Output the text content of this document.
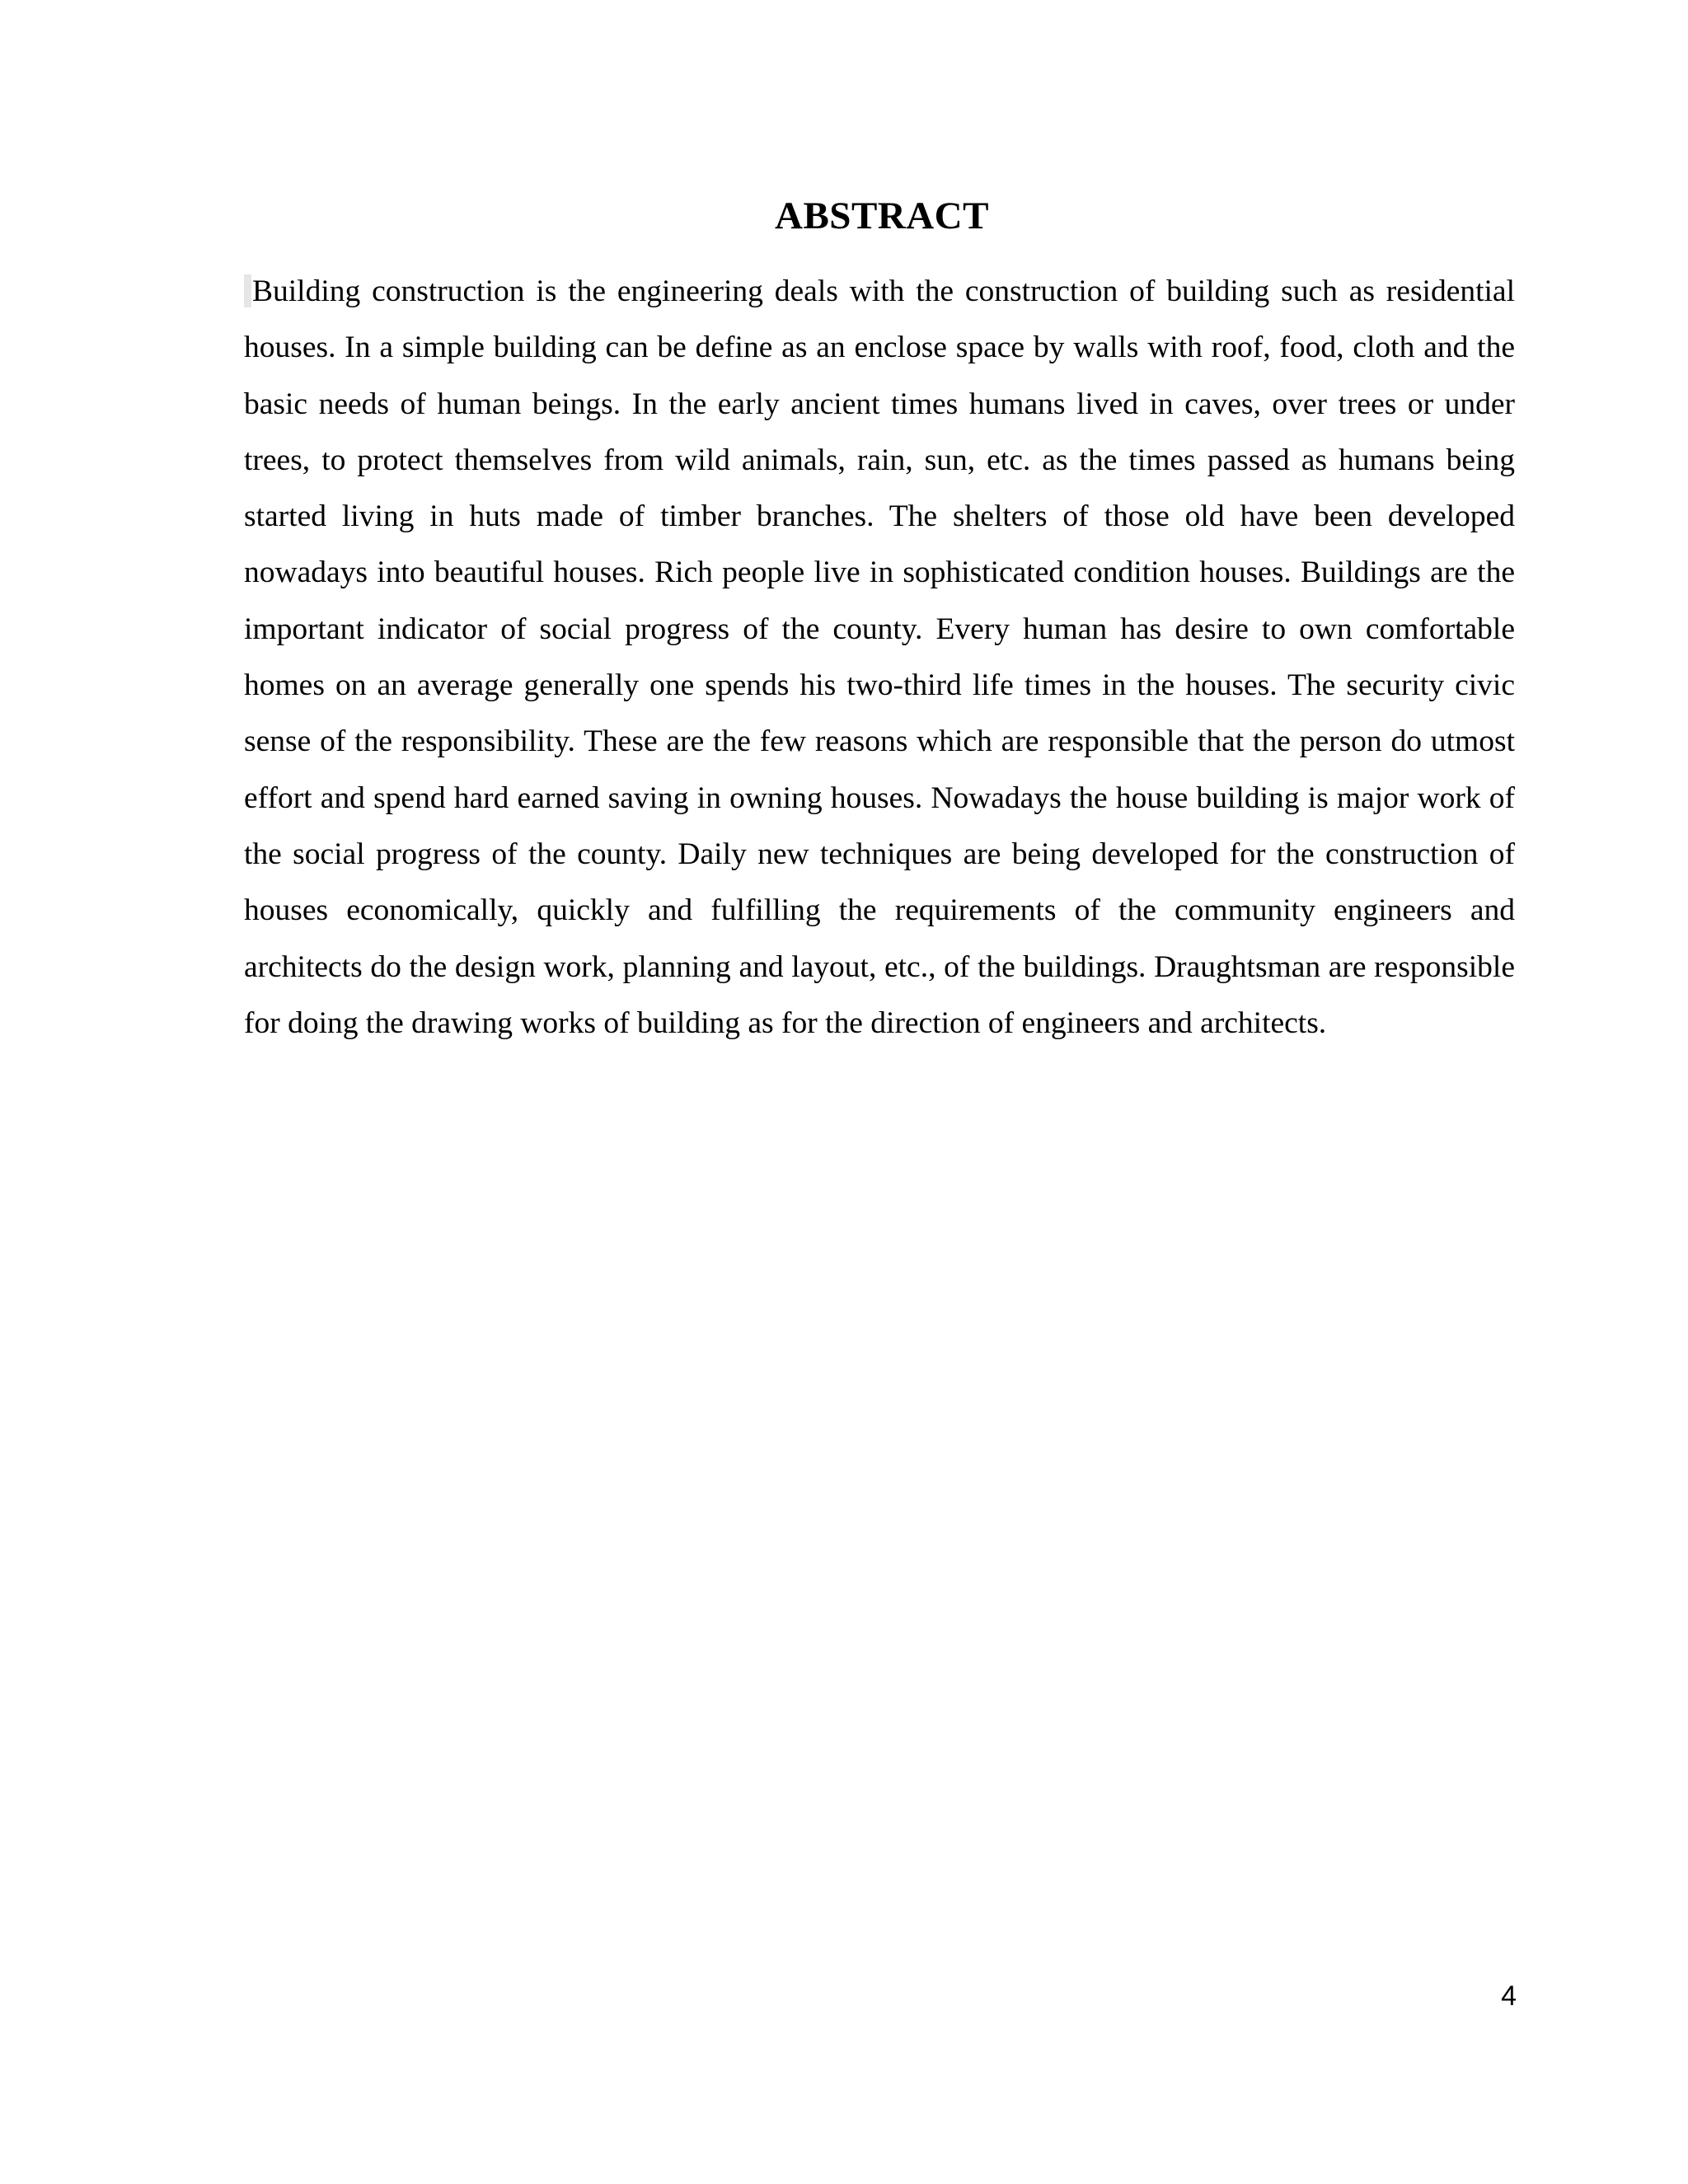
ABSTRACT

Building construction is the engineering deals with the construction of building such as residential houses. In a simple building can be define as an enclose space by walls with roof, food, cloth and the basic needs of human beings. In the early ancient times humans lived in caves, over trees or under trees, to protect themselves from wild animals, rain, sun, etc. as the times passed as humans being started living in huts made of timber branches. The shelters of those old have been developed nowadays into beautiful houses. Rich people live in sophisticated condition houses. Buildings are the important indicator of social progress of the county. Every human has desire to own comfortable homes on an average generally one spends his two-third life times in the houses. The security civic sense of the responsibility. These are the few reasons which are responsible that the person do utmost effort and spend hard earned saving in owning houses. Nowadays the house building is major work of the social progress of the county. Daily new techniques are being developed for the construction of houses economically, quickly and fulfilling the requirements of the community engineers and architects do the design work, planning and layout, etc., of the buildings. Draughtsman are responsible for doing the drawing works of building as for the direction of engineers and architects.

4
